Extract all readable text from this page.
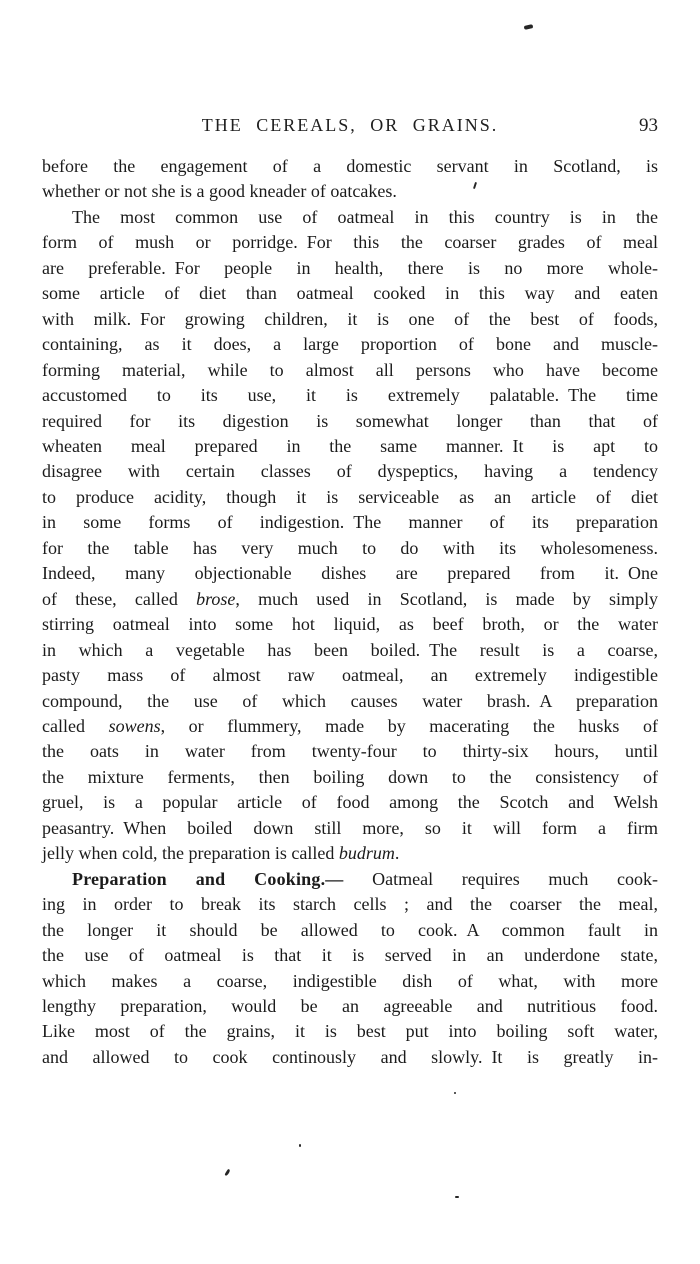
THE CEREALS, OR GRAINS.	93
before the engagement of a domestic servant in Scotland, is
whether or not she is a good kneader of oatcakes.
The most common use of oatmeal in this country is in the
form of mush or porridge. For this the coarser grades of meal
are preferable. For people in health, there is no more whole-
some article of diet than oatmeal cooked in this way and eaten
with milk. For growing children, it is one of the best of foods,
containing, as it does, a large proportion of bone and muscle-
forming material, while to almost all persons who have become
accustomed to its use, it is extremely palatable. The time
required for its digestion is somewhat longer than that of
wheaten meal prepared in the same manner. It is apt to
disagree with certain classes of dyspeptics, having a tendency
to produce acidity, though it is serviceable as an article of diet
in some forms of indigestion. The manner of its preparation
for the table has very much to do with its wholesomeness.
Indeed, many objectionable dishes are prepared from it. One
of these, called brose, much used in Scotland, is made by simply
stirring oatmeal into some hot liquid, as beef broth, or the water
in which a vegetable has been boiled. The result is a coarse,
pasty mass of almost raw oatmeal, an extremely indigestible
compound, the use of which causes water brash. A preparation
called sowens, or flummery, made by macerating the husks of
the oats in water from twenty-four to thirty-six hours, until
the mixture ferments, then boiling down to the consistency of
gruel, is a popular article of food among the Scotch and Welsh
peasantry. When boiled down still more, so it will form a firm
jelly when cold, the preparation is called budrum.
Preparation and Cooking.— Oatmeal requires much cook-
ing in order to break its starch cells ; and the coarser the meal,
the longer it should be allowed to cook. A common fault in
the use of oatmeal is that it is served in an underdone state,
which makes a coarse, indigestible dish of what, with more
lengthy preparation, would be an agreeable and nutritious food.
Like most of the grains, it is best put into boiling soft water,
and allowed to cook continously and slowly. It is greatly in-
